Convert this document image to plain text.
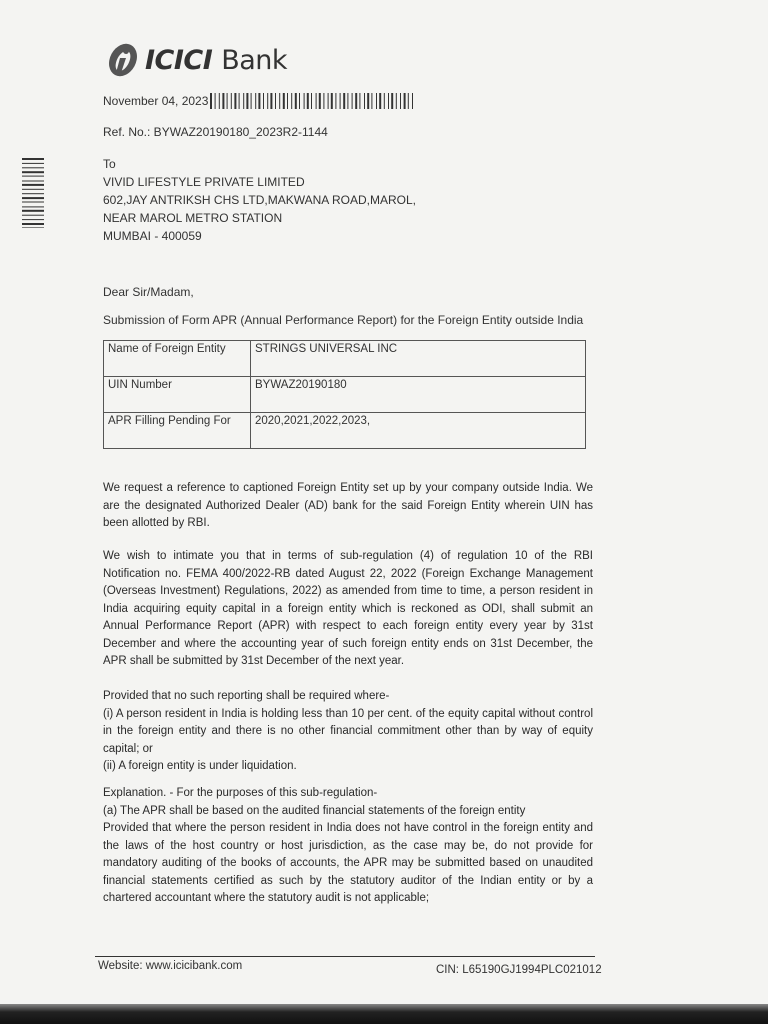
ICICI Bank
November 04, 2023
Ref. No.: BYWAZ20190180_2023R2-1144
To
VIVID LIFESTYLE PRIVATE LIMITED
602,JAY ANTRIKSH CHS LTD,MAKWANA ROAD,MAROL,
NEAR MAROL METRO STATION
MUMBAI - 400059
Dear Sir/Madam,
Submission of Form APR (Annual Performance Report) for the Foreign Entity outside India
Name of Foreign Entity	STRINGS UNIVERSAL INC
UIN Number	BYWAZ20190180
APR Filling Pending For	2020,2021,2022,2023,

We request a reference to captioned Foreign Entity set up by your company outside India. We are the designated Authorized Dealer (AD) bank for the said Foreign Entity wherein UIN has been allotted by RBI.

We wish to intimate you that in terms of sub-regulation (4) of regulation 10 of the RBI Notification no. FEMA 400/2022-RB dated August 22, 2022 (Foreign Exchange Management (Overseas Investment) Regulations, 2022) as amended from time to time, a person resident in India acquiring equity capital in a foreign entity which is reckoned as ODI, shall submit an Annual Performance Report (APR) with respect to each foreign entity every year by 31st December and where the accounting year of such foreign entity ends on 31st December, the APR shall be submitted by 31st December of the next year.

Provided that no such reporting shall be required where-

(i) A person resident in India is holding less than 10 per cent. of the equity capital without control in the foreign entity and there is no other financial commitment other than by way of equity capital; or

(ii) A foreign entity is under liquidation.

Explanation. - For the purposes of this sub-regulation-

(a) The APR shall be based on the audited financial statements of the foreign entity

Provided that where the person resident in India does not have control in the foreign entity and the laws of the host country or host jurisdiction, as the case may be, do not provide for mandatory auditing of the books of accounts, the APR may be submitted based on unaudited financial statements certified as such by the statutory auditor of the Indian entity or by a chartered accountant where the statutory audit is not applicable;

Website: www.icicibank.com	CIN: L65190GJ1994PLC021012
